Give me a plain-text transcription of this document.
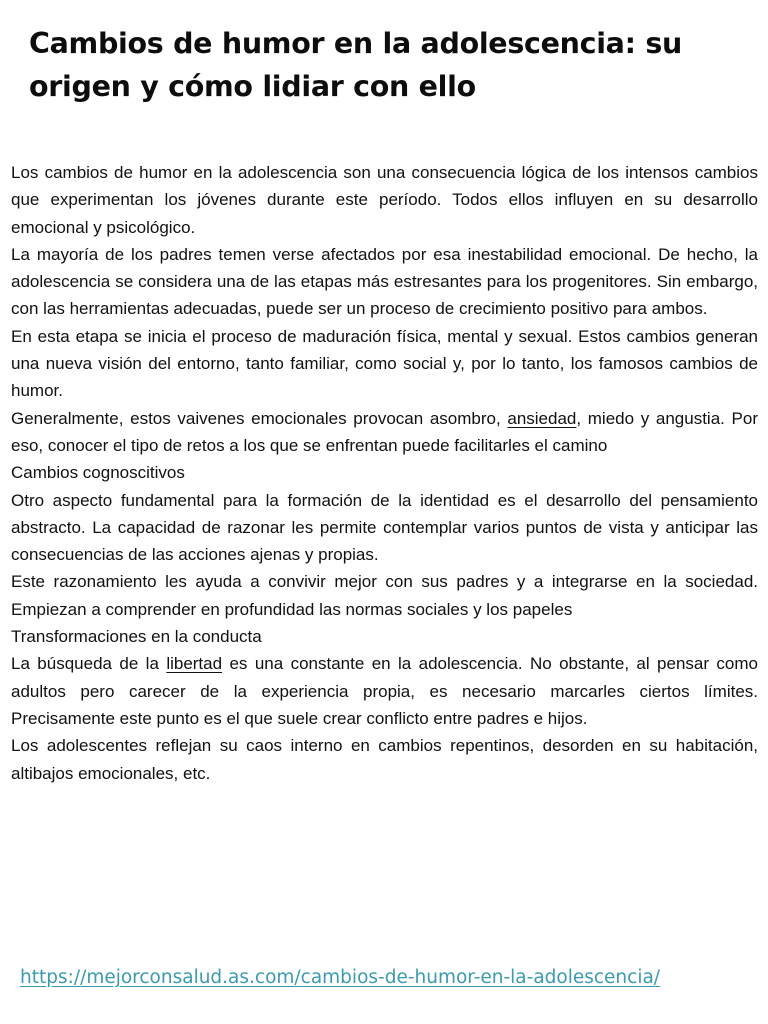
Cambios de humor en la adolescencia: su origen y cómo lidiar con ello

Los cambios de humor en la adolescencia son una consecuencia lógica de los intensos cambios que experimentan los jóvenes durante este período. Todos ellos influyen en su desarrollo emocional y psicológico.

La mayoría de los padres temen verse afectados por esa inestabilidad emocional. De hecho, la adolescencia se considera una de las etapas más estresantes para los progenitores. Sin embargo, con las herramientas adecuadas, puede ser un proceso de crecimiento positivo para ambos.

En esta etapa se inicia el proceso de maduración física, mental y sexual. Estos cambios generan una nueva visión del entorno, tanto familiar, como social y, por lo tanto, los famosos cambios de humor.

Generalmente, estos vaivenes emocionales provocan asombro, ansiedad, miedo y angustia. Por eso, conocer el tipo de retos a los que se enfrentan puede facilitarles el camino

Cambios cognoscitivos

Otro aspecto fundamental para la formación de la identidad es el desarrollo del pensamiento abstracto. La capacidad de razonar les permite contemplar varios puntos de vista y anticipar las consecuencias de las acciones ajenas y propias.

Este razonamiento les ayuda a convivir mejor con sus padres y a integrarse en la sociedad. Empiezan a comprender en profundidad las normas sociales y los papeles

Transformaciones en la conducta

La búsqueda de la libertad es una constante en la adolescencia. No obstante, al pensar como adultos pero carecer de la experiencia propia, es necesario marcarles ciertos límites. Precisamente este punto es el que suele crear conflicto entre padres e hijos.

Los adolescentes reflejan su caos interno en cambios repentinos, desorden en su habitación, altibajos emocionales, etc.

https://mejorconsalud.as.com/cambios-de-humor-en-la-adolescencia/
